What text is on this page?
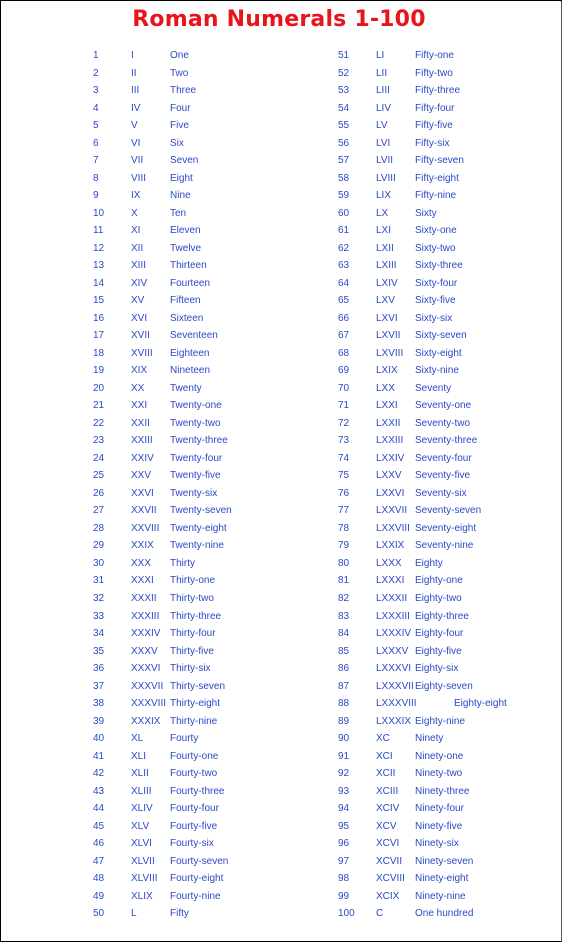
Roman Numerals 1-100
1	I	One
2	II	Two
3	III	Three
4	IV	Four
5	V	Five
6	VI	Six
7	VII	Seven
8	VIII Eight
9	IX	Nine
10	X	Ten
11	XI	Eleven
12	XII	Twelve
13	XIII Thirteen
14	XIV Fourteen
15	XV	Fifteen
16	XVI Sixteen
17	XVII Seventeen
18	XVIII Eighteen
19	XIX Nineteen
20	XX	Twenty
21	XXI Twenty-one
22	XXII Twenty-two
23	XXIII Twenty-three
24	XXIV Twenty-four
25	XXV Twenty-five
26	XXVI Twenty-six
27	XXVII Twenty-seven
28	XXVIII Twenty-eight
29	XXIX Twenty-nine
30	XXX Thirty
31	XXXI Thirty-one
32	XXXII Thirty-two
33	XXXIII Thirty-three
34	XXXIV Thirty-four
35	XXXV Thirty-five
36	XXXVI Thirty-six
37	XXXVII Thirty-seven
38	XXXVIII Thirty-eight
39	XXXIX Thirty-nine
40	XL	Fourty
41	XLI Fourty-one
42	XLII Fourty-two
43	XLIII Fourty-three
44	XLIV Fourty-four
45	XLV Fourty-five
46	XLVI Fourty-six
47	XLVII Fourty-seven
48	XLVIII Fourty-eight
49	XLIX Fourty-nine
50	L	Fifty
51	LI	Fifty-one
52	LII	Fifty-two
53	LIII	Fifty-three
54	LIV Fifty-four
55	LV	Fifty-five
56	LVI Fifty-six
57	LVII Fifty-seven
58	LVIII Fifty-eight
59	LIX Fifty-nine
60	LX	Sixty
61	LXI Sixty-one
62	LXII Sixty-two
63	LXIII Sixty-three
64	LXIV Sixty-four
65	LXV Sixty-five
66	LXVI Sixty-six
67	LXVII Sixty-seven
68	LXVIII Sixty-eight
69	LXIX Sixty-nine
70	LXX Seventy
71	LXXI Seventy-one
72	LXXII Seventy-two
73	LXXIII Seventy-three
74	LXXIV Seventy-four
75	LXXV Seventy-five
76	LXXVI Seventy-six
77	LXXVII Seventy-seven
78	LXXVIII Seventy-eight
79	LXXIX Seventy-nine
80	LXXX Eighty
81	LXXXI Eighty-one
82	LXXXII Eighty-two
83	LXXXIII Eighty-three
84	LXXXIV Eighty-four
85	LXXXV Eighty-five
86	LXXXVI Eighty-six
87	LXXXVII Eighty-seven
88	LXXXVIII	Eighty-eight
89	LXXXIX Eighty-nine
90	XC	Ninety
91	XCI Ninety-one
92	XCII Ninety-two
93	XCIII Ninety-three
94	XCIV Ninety-four
95	XCV Ninety-five
96	XCVI Ninety-six
97	XCVII Ninety-seven
98	XCVIII Ninety-eight
99	XCIX Ninety-nine
100 C	One hundred
